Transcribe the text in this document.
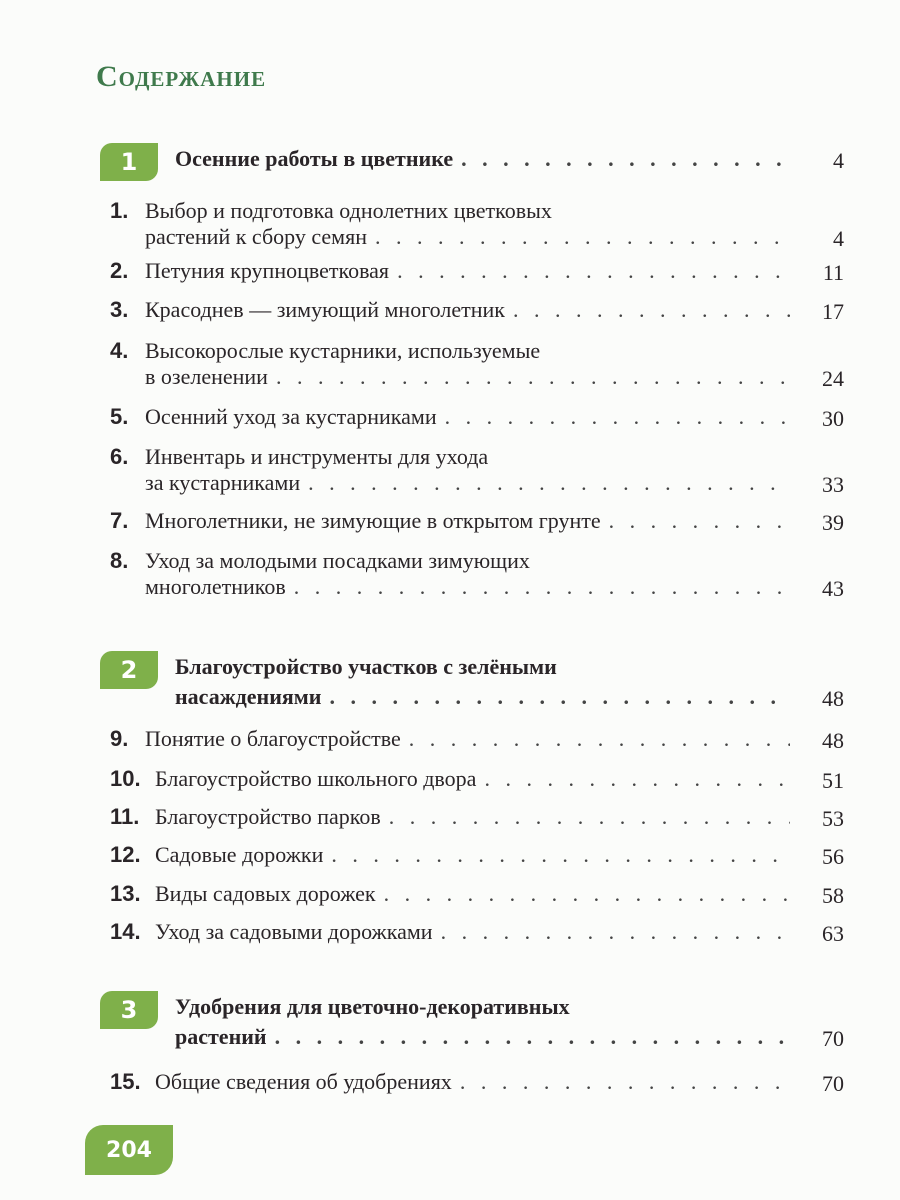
Содержание
1	Осенние работы в цветнике . . .	4
1. Выбор и подготовка однолетних цветковых
растений к сбору семян . . .	4
2. Петуния крупноцветковая . . .	11
3. Красоднев — зимующий многолетник . . .	17
4. Высокорослые кустарники, используемые
в озеленении . . .	24
5. Осенний уход за кустарниками . . .	30
6. Инвентарь и инструменты для ухода
за кустарниками . . .	33
7. Многолетники, не зимующие в открытом грунте . . .	39
8. Уход за молодыми посадками зимующих
многолетников . . .	43
2	Благоустройство участков с зелёными
насаждениями . . .	48
9. Понятие о благоустройстве . . .	48
10. Благоустройство школьного двора . . .	51
11. Благоустройство парков . . .	53
12. Садовые дорожки . . .	56
13. Виды садовых дорожек . . .	58
14. Уход за садовыми дорожками . . .	63
3	Удобрения для цветочно-декоративных
растений . . .	70
15. Общие сведения об удобрениях . . .	70
204
